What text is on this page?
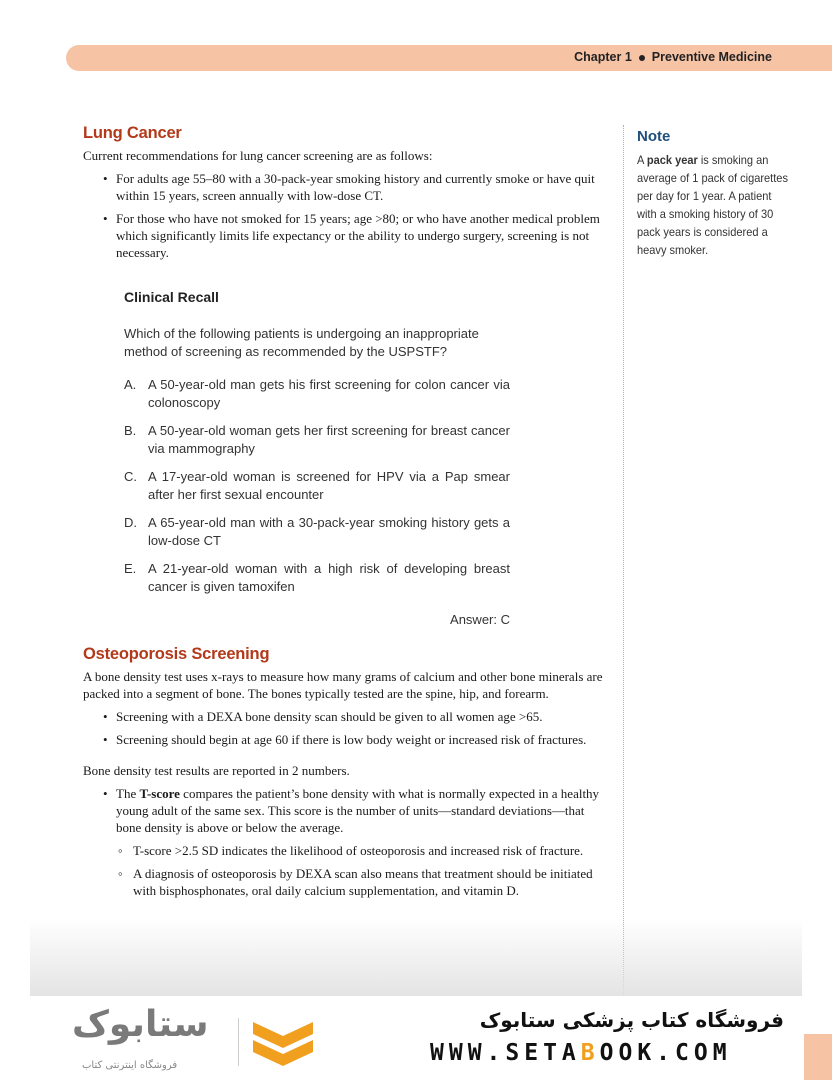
Chapter 1 Preventive Medicine
Lung Cancer

Current recommendations for lung cancer screening are as follows:

• For adults age 55–80 with a 30-pack-year smoking history and currently smoke or have quit within 15 years, screen annually with low-dose CT.
• For those who have not smoked for 15 years; age >80; or who have another medical problem which significantly limits life expectancy or the ability to undergo surgery, screening is not necessary.
Clinical Recall
Which of the following patients is undergoing an inappropriate method of screening as recommended by the USPSTF?
A. A 50-year-old man gets his first screening for colon cancer via colonoscopy
B. A 50-year-old woman gets her first screening for breast cancer via mammography
C. A 17-year-old woman is screened for HPV via a Pap smear after her first sexual encounter
D. A 65-year-old man with a 30-pack-year smoking history gets a low-dose CT
E. A 21-year-old woman with a high risk of developing breast cancer is given tamoxifen
Answer: C
Osteoporosis Screening

A bone density test uses x-rays to measure how many grams of calcium and other bone minerals are packed into a segment of bone. The bones typically tested are the spine, hip, and forearm.

• Screening with a DEXA bone density scan should be given to all women age >65.
• Screening should begin at age 60 if there is low body weight or increased risk of fractures.

Bone density test results are reported in 2 numbers.

• The T-score compares the patient’s bone density with what is normally expected in a healthy young adult of the same sex. This score is the number of units—standard deviations—that bone density is above or below the average.
◦ T-score >2.5 SD indicates the likelihood of osteoporosis and increased risk of fracture.
◦ A diagnosis of osteoporosis by DEXA scan also means that treatment should be initiated with bisphosphonates, oral daily calcium supplementation, and vitamin D.
Note
A pack year is smoking an average of 1 pack of cigarettes per day for 1 year. A patient with a smoking history of 30 pack years is considered a heavy smoker.
ستابوک
فروشگاه اینترنتی کتاب
فروشگاه کتاب پزشکی ستابوک
WWW.SETABOOK.COM
